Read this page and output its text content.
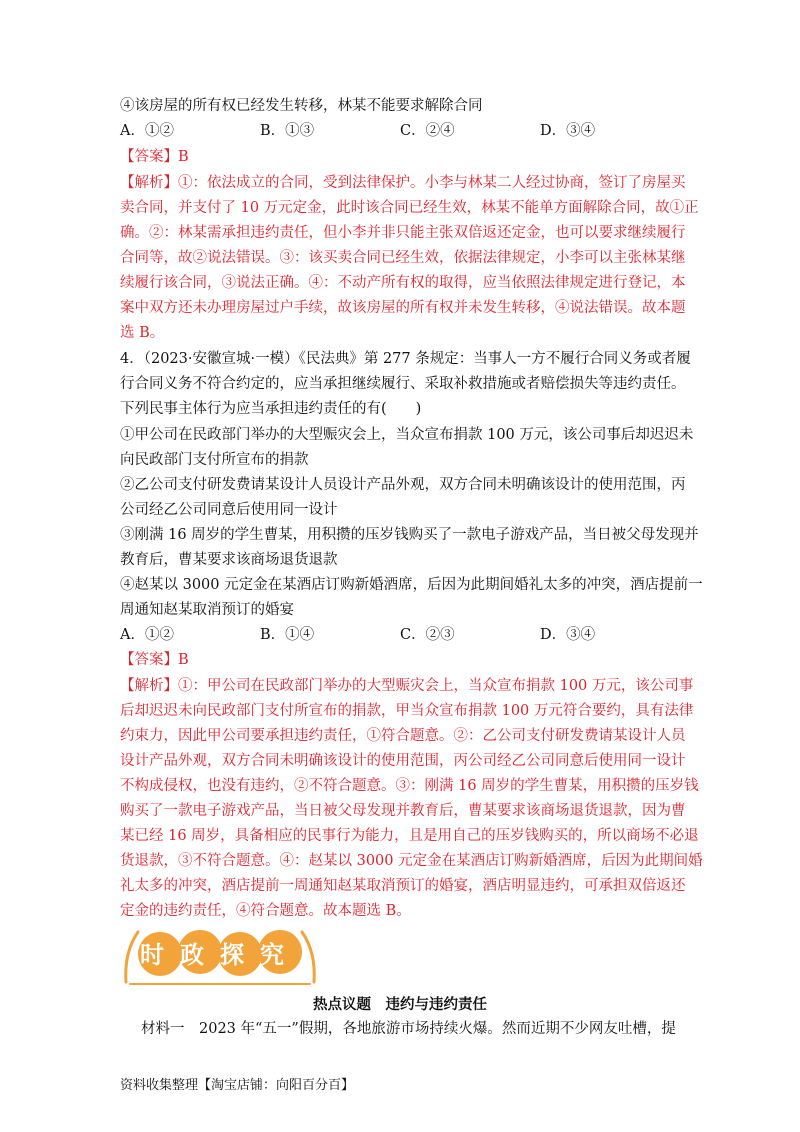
④该房屋的所有权已经发生转移，林某不能要求解除合同
A．①②	B．①③	C．②④	D．③④
【答案】B
【解析】①：依法成立的合同，受到法律保护。小李与林某二人经过协商，签订了房屋买
卖合同，并支付了 10 万元定金，此时该合同已经生效，林某不能单方面解除合同，故①正
确。②：林某需承担违约责任，但小李并非只能主张双倍返还定金，也可以要求继续履行
合同等，故②说法错误。③：该买卖合同已经生效，依据法律规定，小李可以主张林某继
续履行该合同，③说法正确。④：不动产所有权的取得，应当依照法律规定进行登记，本
案中双方还未办理房屋过户手续，故该房屋的所有权并未发生转移，④说法错误。故本题
选 B。
4．（2023·安徽宣城·一模）《民法典》第 277 条规定：当事人一方不履行合同义务或者履
行合同义务不符合约定的，应当承担继续履行、采取补救措施或者赔偿损失等违约责任。
下列民事主体行为应当承担违约责任的有(　　)
①甲公司在民政部门举办的大型赈灾会上，当众宣布捐款 100 万元，该公司事后却迟迟未
向民政部门支付所宣布的捐款
②乙公司支付研发费请某设计人员设计产品外观，双方合同未明确该设计的使用范围，丙
公司经乙公司同意后使用同一设计
③刚满 16 周岁的学生曹某，用积攒的压岁钱购买了一款电子游戏产品，当日被父母发现并
教育后，曹某要求该商场退货退款
④赵某以 3000 元定金在某酒店订购新婚酒席，后因为此期间婚礼太多的冲突，酒店提前一
周通知赵某取消预订的婚宴
A．①②	B．①④	C．②③	D．③④
【答案】B
【解析】①：甲公司在民政部门举办的大型赈灾会上，当众宣布捐款 100 万元，该公司事
后却迟迟未向民政部门支付所宣布的捐款，甲当众宣布捐款 100 万元符合要约，具有法律
约束力，因此甲公司要承担违约责任，①符合题意。②：乙公司支付研发费请某设计人员
设计产品外观，双方合同未明确该设计的使用范围，丙公司经乙公司同意后使用同一设计
不构成侵权，也没有违约，②不符合题意。③：刚满 16 周岁的学生曹某，用积攒的压岁钱
购买了一款电子游戏产品，当日被父母发现并教育后，曹某要求该商场退货退款，因为曹
某已经 16 周岁，具备相应的民事行为能力，且是用自己的压岁钱购买的，所以商场不必退
货退款，③不符合题意。④：赵某以 3000 元定金在某酒店订购新婚酒席，后因为此期间婚
礼太多的冲突，酒店提前一周通知赵某取消预订的婚宴，酒店明显违约，可承担双倍返还
定金的违约责任，④符合题意。故本题选 B。
时政探究
热点议题　违约与违约责任
　　材料一　2023 年“五一”假期，各地旅游市场持续火爆。然而近期不少网友吐槽，提
资料收集整理【淘宝店铺：向阳百分百】
